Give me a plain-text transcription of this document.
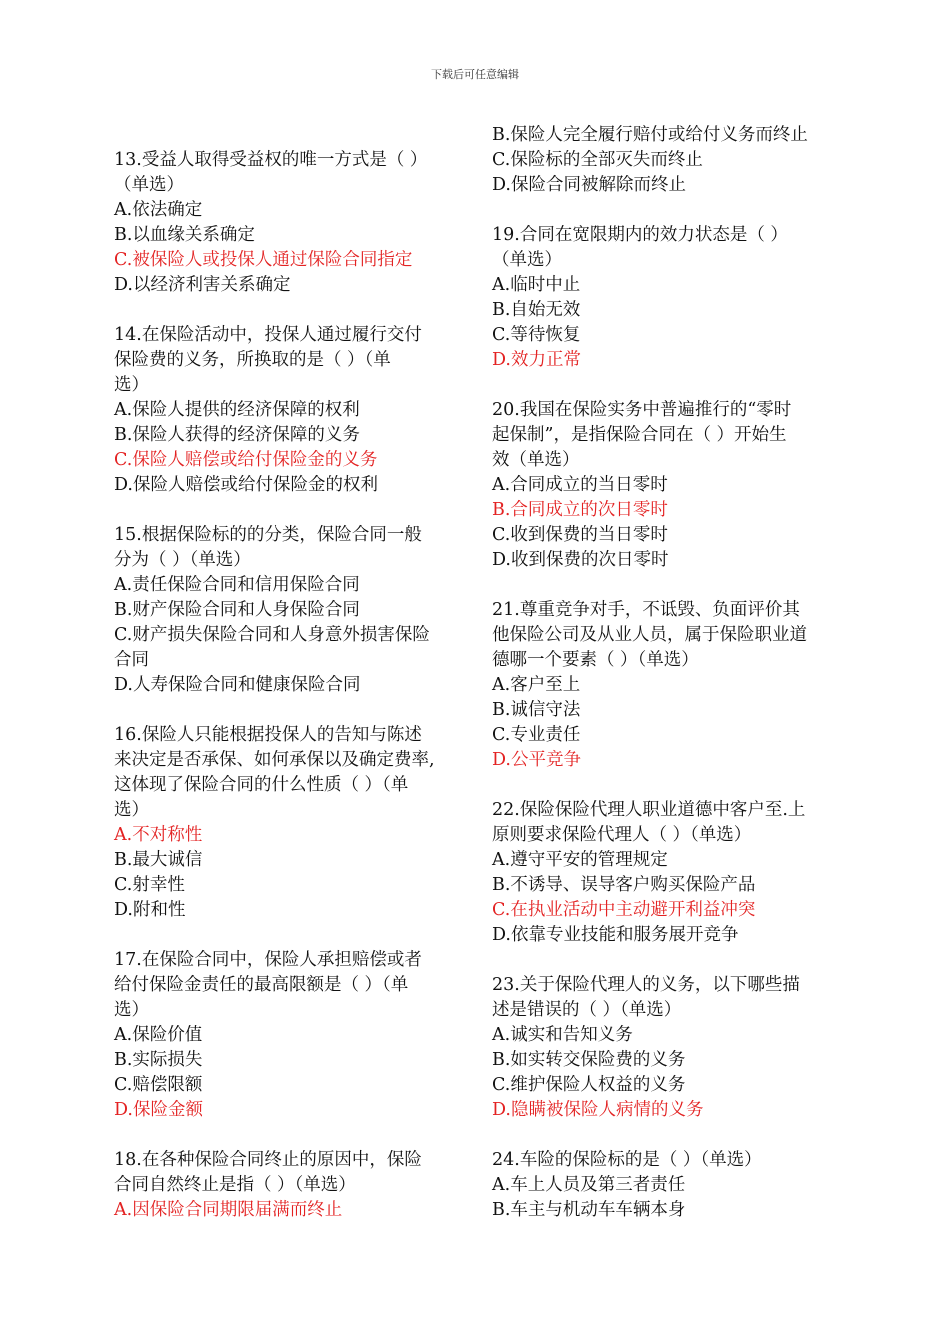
下载后可任意编辑
13.受益人取得受益权的唯一方式是（ ）
（单选）
A.依法确定
B.以血缘关系确定
C.被保险人或投保人通过保险合同指定
D.以经济利害关系确定
14.在保险活动中，投保人通过履行交付
保险费的义务，所换取的是（ ）（单
选）
A.保险人提供的经济保障的权利
B.保险人获得的经济保障的义务
C.保险人赔偿或给付保险金的义务
D.保险人赔偿或给付保险金的权利
15.根据保险标的的分类，保险合同一般
分为（ ）（单选）
A.责任保险合同和信用保险合同
B.财产保险合同和人身保险合同
C.财产损失保险合同和人身意外损害保险
合同
D.人寿保险合同和健康保险合同
16.保险人只能根据投保人的告知与陈述
来决定是否承保、如何承保以及确定费率,
这体现了保险合同的什么性质（ ）（单
选）
A.不对称性
B.最大诚信
C.射幸性
D.附和性
17.在保险合同中，保险人承担赔偿或者
给付保险金责任的最高限额是（ ）（单
选）
A.保险价值
B.实际损失
C.赔偿限额
D.保险金额
18.在各种保险合同终止的原因中，保险
合同自然终止是指（ ）（单选）
A.因保险合同期限届满而终止
B.保险人完全履行赔付或给付义务而终止
C.保险标的全部灭失而终止
D.保险合同被解除而终止
19.合同在宽限期内的效力状态是（ ）
（单选）
A.临时中止
B.自始无效
C.等待恢复
D.效力正常
20.我国在保险实务中普遍推行的“零时
起保制”，是指保险合同在（ ）开始生
效（单选）
A.合同成立的当日零时
B.合同成立的次日零时
C.收到保费的当日零时
D.收到保费的次日零时
21.尊重竞争对手，不诋毁、负面评价其
他保险公司及从业人员，属于保险职业道
德哪一个要素（ ）（单选）
A.客户至上
B.诚信守法
C.专业责任
D.公平竞争
22.保险保险代理人职业道德中客户至.上
原则要求保险代理人（ ）（单选）
A.遵守平安的管理规定
B.不诱导、误导客户购买保险产品
C.在执业活动中主动避开利益冲突
D.依靠专业技能和服务展开竞争
23.关于保险代理人的义务，以下哪些描
述是错误的（ ）（单选）
A.诚实和告知义务
B.如实转交保险费的义务
C.维护保险人权益的义务
D.隐瞒被保险人病情的义务
24.车险的保险标的是（ ）（单选）
A.车上人员及第三者责任
B.车主与机动车车辆本身
